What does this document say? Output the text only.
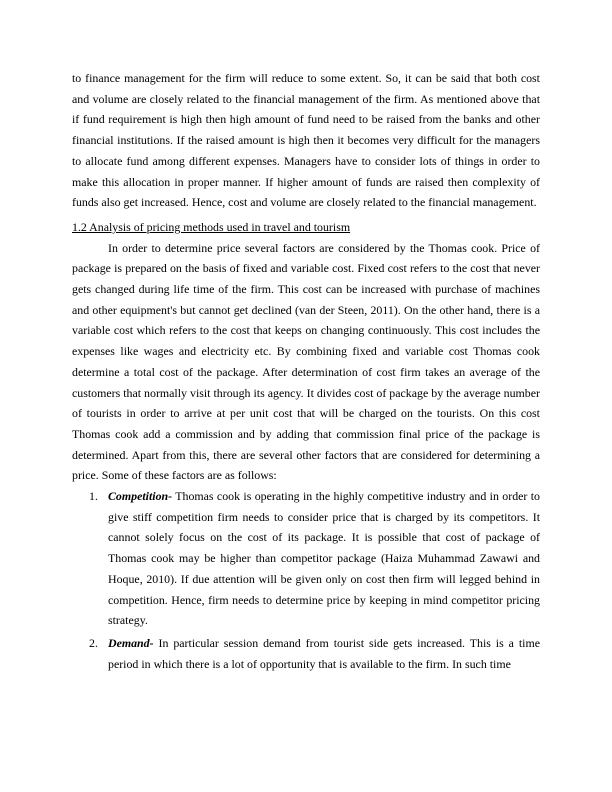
to finance management for the firm will reduce to some extent. So, it can be said that both cost and volume are closely related to the financial management of the firm. As mentioned above that if fund requirement is high then high amount of fund need to be raised from the banks and other financial institutions. If the raised amount is high then it becomes very difficult for the managers to allocate fund among different expenses. Managers have to consider lots of things in order to make this allocation in proper manner. If higher amount of funds are raised then complexity of funds also get increased. Hence, cost and volume are closely related to the financial management.

1.2 Analysis of pricing methods used in travel and tourism

In order to determine price several factors are considered by the Thomas cook. Price of package is prepared on the basis of fixed and variable cost. Fixed cost refers to the cost that never gets changed during life time of the firm. This cost can be increased with purchase of machines and other equipment's but cannot get declined (van der Steen, 2011). On the other hand, there is a variable cost which refers to the cost that keeps on changing continuously. This cost includes the expenses like wages and electricity etc. By combining fixed and variable cost Thomas cook determine a total cost of the package. After determination of cost firm takes an average of the customers that normally visit through its agency. It divides cost of package by the average number of tourists in order to arrive at per unit cost that will be charged on the tourists. On this cost Thomas cook add a commission and by adding that commission final price of the package is determined. Apart from this, there are several other factors that are considered for determining a price. Some of these factors are as follows:

1. Competition- Thomas cook is operating in the highly competitive industry and in order to give stiff competition firm needs to consider price that is charged by its competitors. It cannot solely focus on the cost of its package. It is possible that cost of package of Thomas cook may be higher than competitor package (Haiza Muhammad Zawawi and Hoque, 2010). If due attention will be given only on cost then firm will legged behind in competition. Hence, firm needs to determine price by keeping in mind competitor pricing strategy.
2. Demand- In particular session demand from tourist side gets increased. This is a time period in which there is a lot of opportunity that is available to the firm. In such time
